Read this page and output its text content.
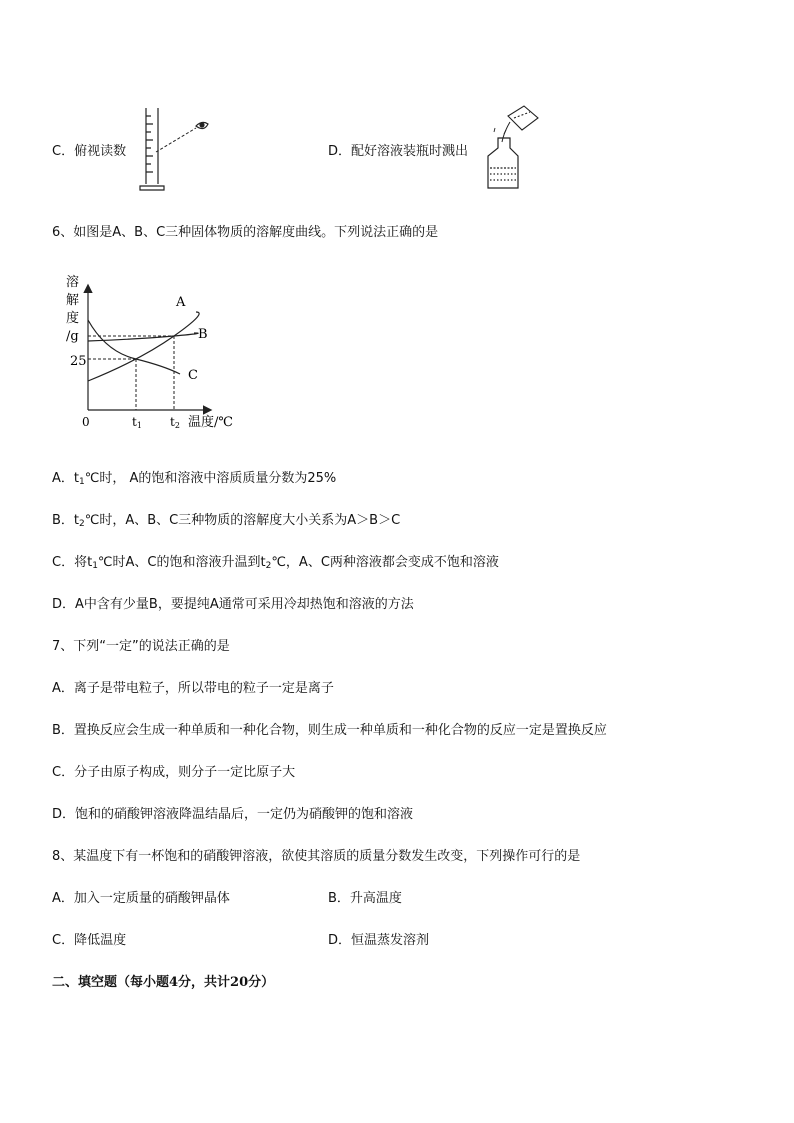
C．俯视读数	D．配好溶液装瓶时溅出
6、如图是A、B、C三种固体物质的溶解度曲线。下列说法正确的是
溶
解
度
/g
25
0	t1 t2 温度/℃
A
B
C
A．$t_1℃$时， A的饱和溶液中溶质质量分数为25%
B．$t_2℃$时，A、B、C三种物质的溶解度大小关系为A＞B＞C
C．将$t_1℃$时A、C的饱和溶液升温到$t_2℃$，A、C两种溶液都会变成不饱和溶液
D．A中含有少量B，要提纯A通常可采用冷却热饱和溶液的方法
7、下列“一定”的说法正确的是
A．离子是带电粒子，所以带电的粒子一定是离子
B．置换反应会生成一种单质和一种化合物，则生成一种单质和一种化合物的反应一定是置换反应
C．分子由原子构成，则分子一定比原子大
D．饱和的硝酸钾溶液降温结晶后，一定仍为硝酸钾的饱和溶液
8、某温度下有一杯饱和的硝酸钾溶液，欲使其溶质的质量分数发生改变，下列操作可行的是
A．加入一定质量的硝酸钾晶体	B．升高温度
C．降低温度	D．恒温蒸发溶剂
二、填空题（每小题4分，共计20分）
